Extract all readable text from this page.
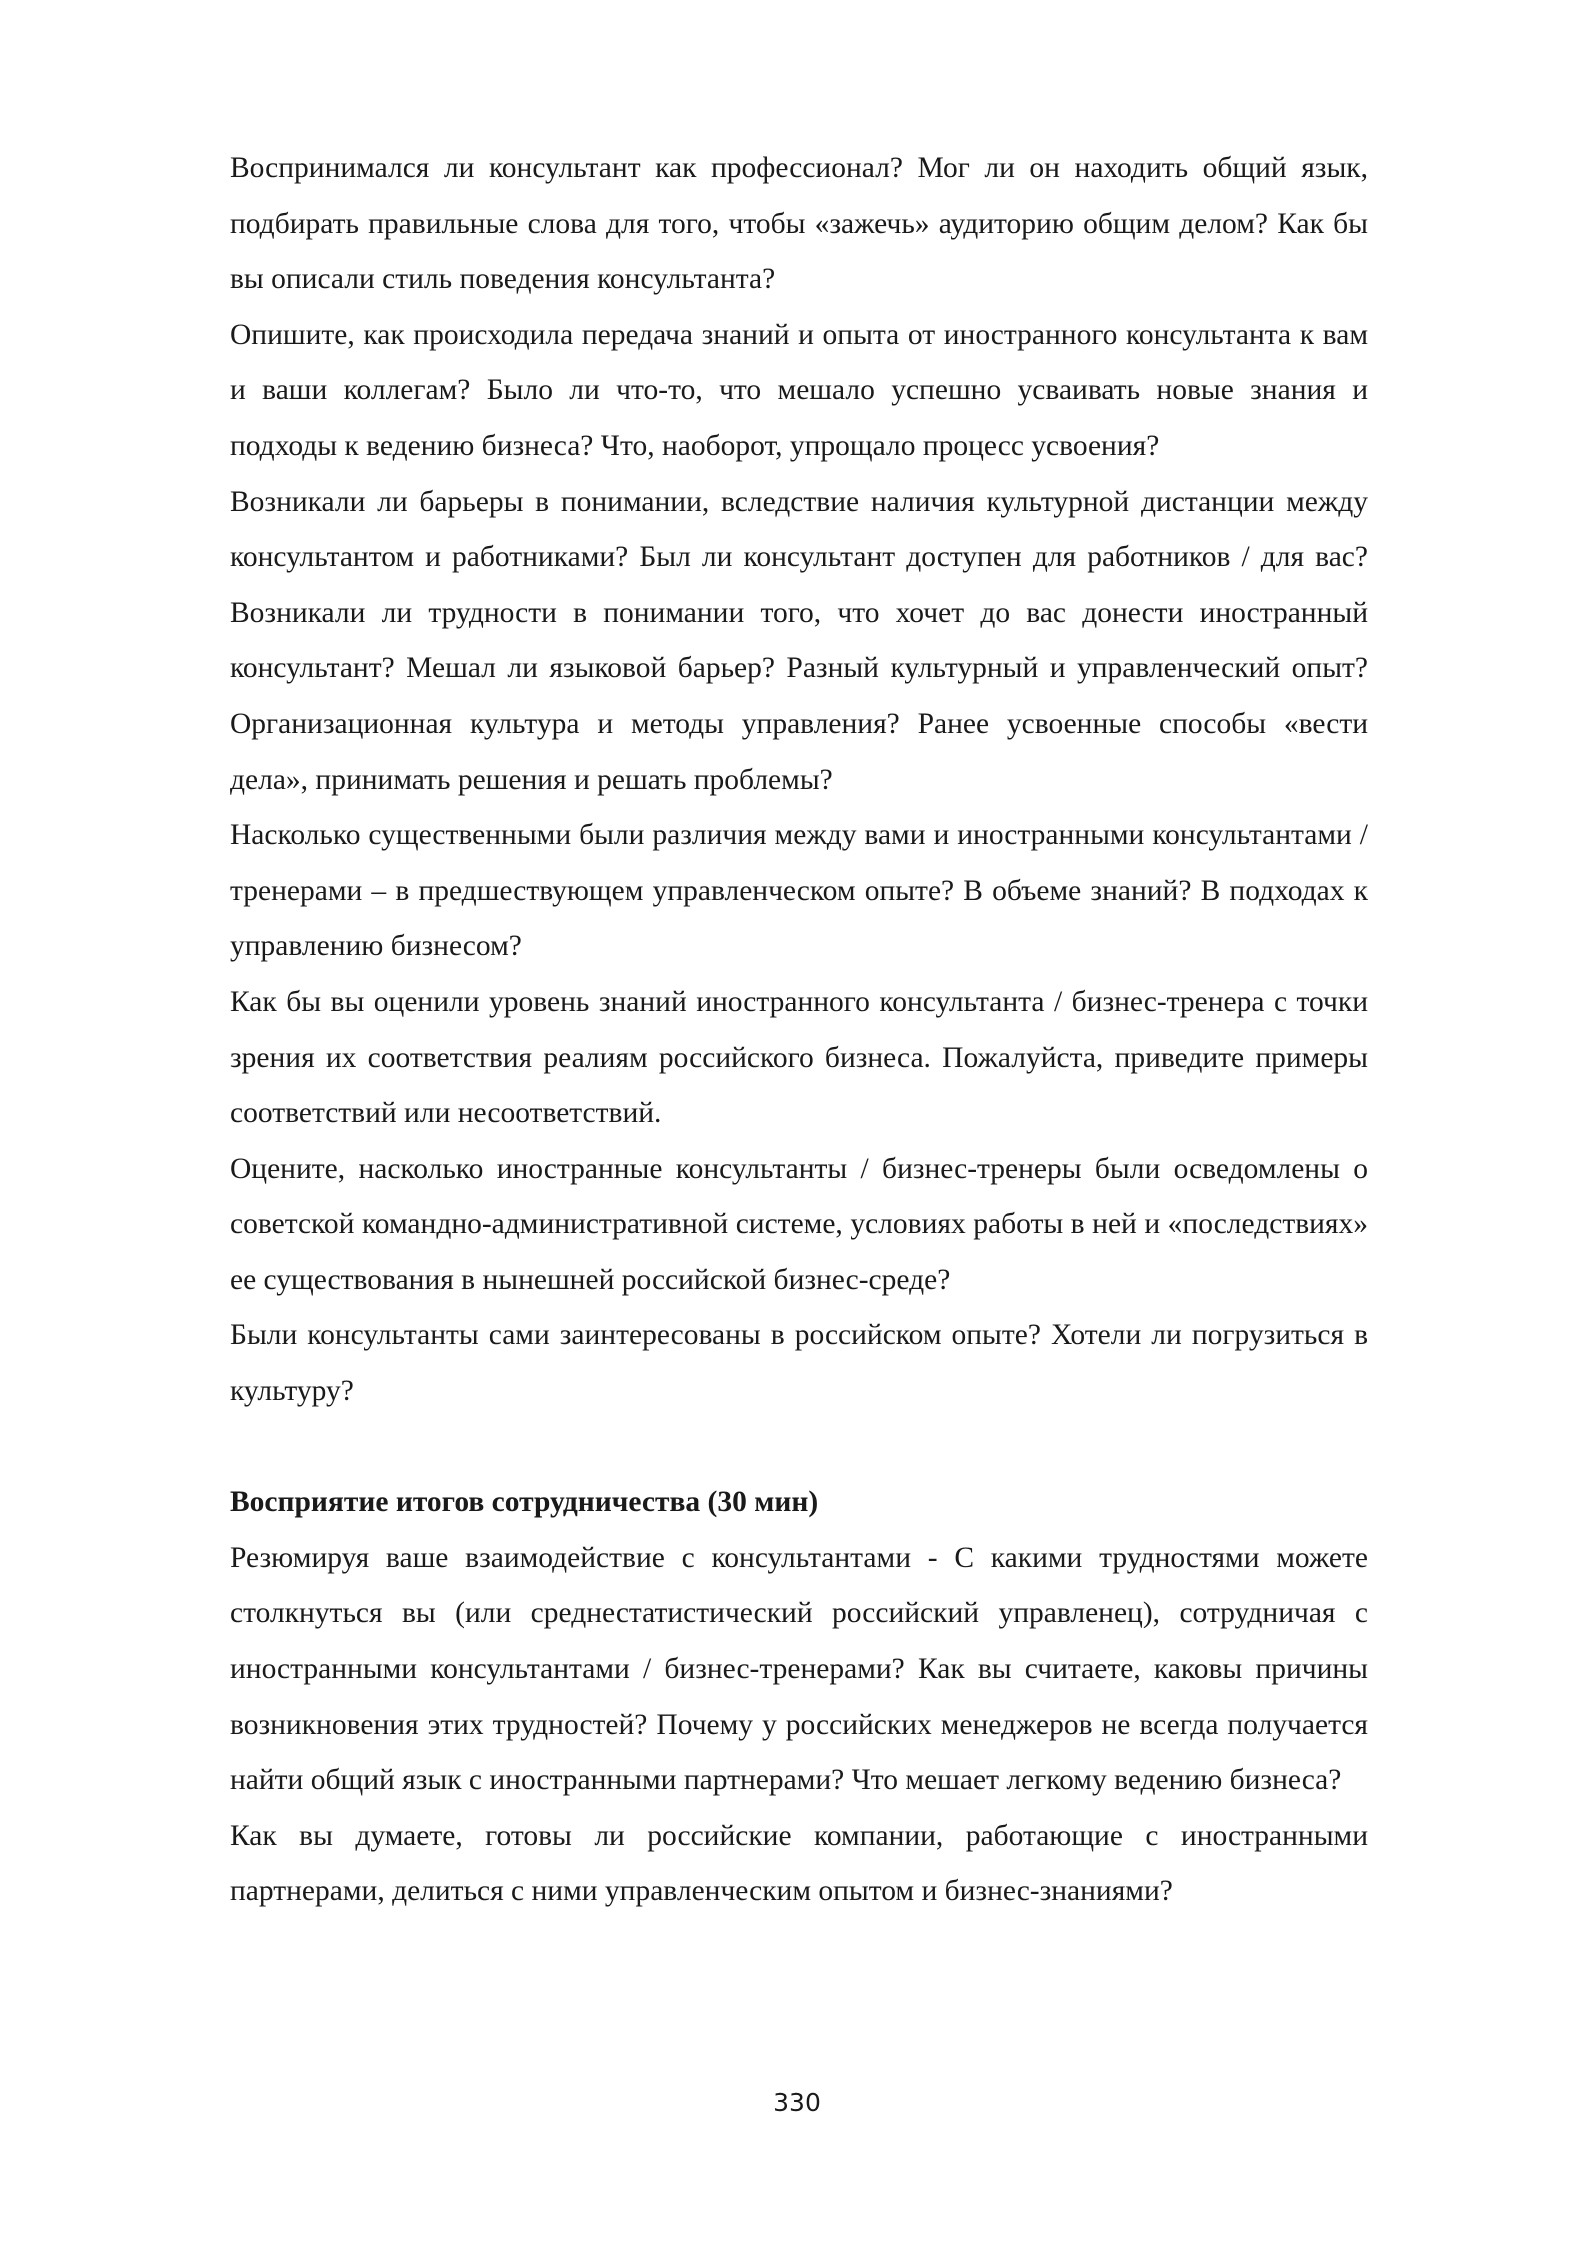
Воспринимался ли консультант как профессионал? Мог ли он находить общий язык, подбирать правильные слова для того, чтобы «зажечь» аудиторию общим делом? Как бы вы описали стиль поведения консультанта?

Опишите, как происходила передача знаний и опыта от иностранного консультанта к вам и ваши коллегам? Было ли что-то, что мешало успешно усваивать новые знания и подходы к ведению бизнеса? Что, наоборот, упрощало процесс усвоения?

Возникали ли барьеры в понимании, вследствие наличия культурной дистанции между консультантом и работниками? Был ли консультант доступен для работников / для вас? Возникали ли трудности в понимании того, что хочет до вас донести иностранный консультант? Мешал ли языковой барьер? Разный культурный и управленческий опыт? Организационная культура и методы управления? Ранее усвоенные способы «вести дела», принимать решения и решать проблемы?

Насколько существенными были различия между вами и иностранными консультантами / тренерами – в предшествующем управленческом опыте? В объеме знаний? В подходах к управлению бизнесом?

Как бы вы оценили уровень знаний иностранного консультанта / бизнес-тренера с точки зрения их соответствия реалиям российского бизнеса. Пожалуйста, приведите примеры соответствий или несоответствий.

Оцените, насколько иностранные консультанты / бизнес-тренеры были осведомлены о советской командно-административной системе, условиях работы в ней и «последствиях» ее существования в нынешней российской бизнес-среде?

Были консультанты сами заинтересованы в российском опыте? Хотели ли погрузиться в культуру?

Восприятие итогов сотрудничества (30 мин)

Резюмируя ваше взаимодействие с консультантами - С какими трудностями можете столкнуться вы (или среднестатистический российский управленец), сотрудничая с иностранными консультантами / бизнес-тренерами? Как вы считаете, каковы причины возникновения этих трудностей? Почему у российских менеджеров не всегда получается найти общий язык с иностранными партнерами? Что мешает легкому ведению бизнеса?

Как вы думаете, готовы ли российские компании, работающие с иностранными партнерами, делиться с ними управленческим опытом и бизнес-знаниями?

330
